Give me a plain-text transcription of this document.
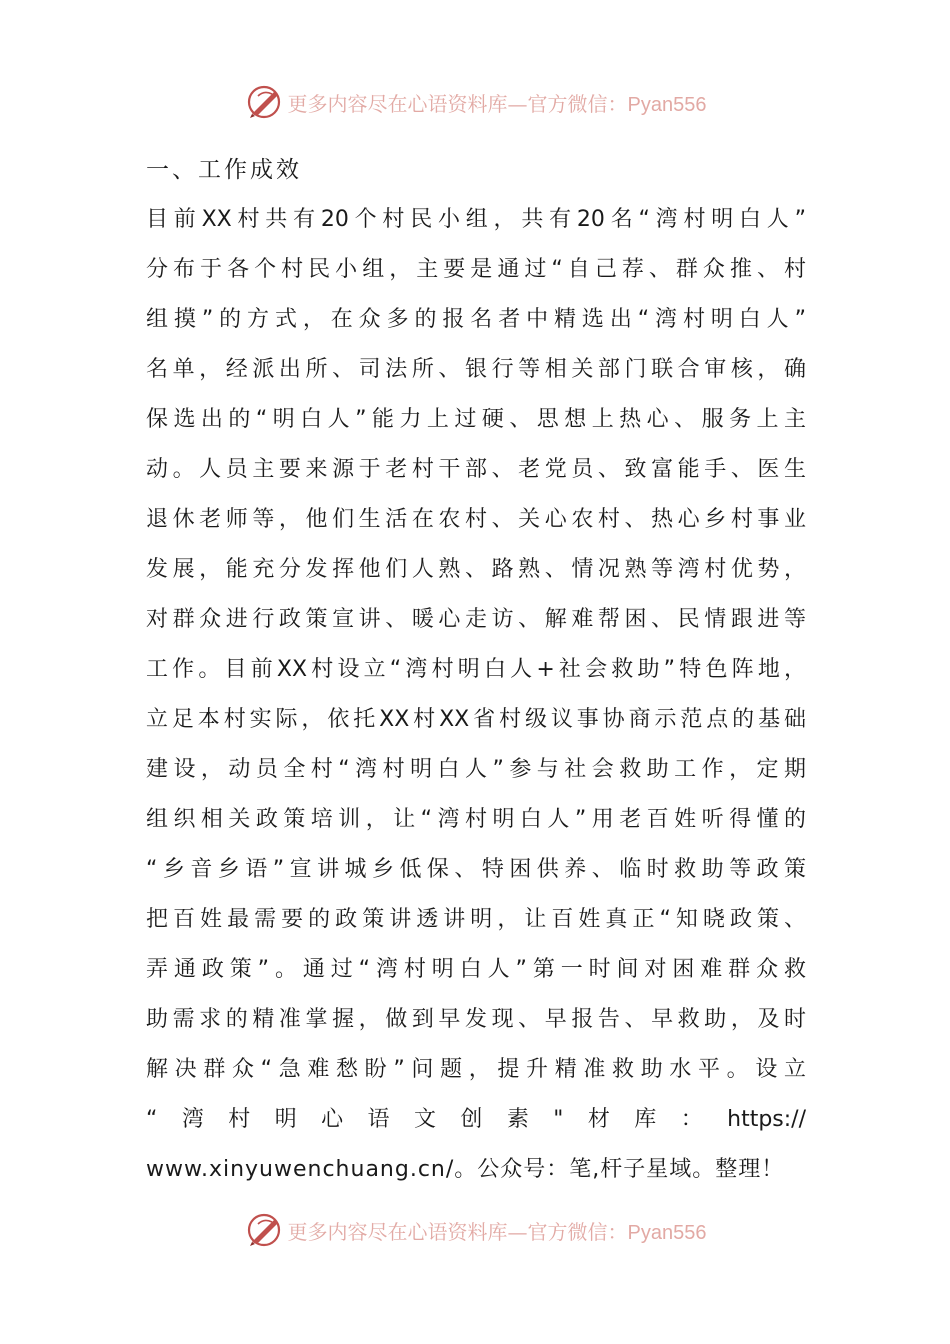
更多内容尽在心语资料库—官方微信：Pyan556
一、工作成效
目前XX村共有20个村民小组，共有20名“湾村明白人”
分布于各个村民小组，主要是通过“自己荐、群众推、村
组摸”的方式，在众多的报名者中精选出“湾村明白人”
名单，经派出所、司法所、银行等相关部门联合审核，确
保选出的“明白人”能力上过硬、思想上热心、服务上主
动。人员主要来源于老村干部、老党员、致富能手、医生
退休老师等，他们生活在农村、关心农村、热心乡村事业
发展，能充分发挥他们人熟、路熟、情况熟等湾村优势，
对群众进行政策宣讲、暖心走访、解难帮困、民情跟进等
工作。目前XX村设立“湾村明白人+社会救助”特色阵地，
立足本村实际，依托XX村XX省村级议事协商示范点的基础
建设，动员全村“湾村明白人”参与社会救助工作，定期
组织相关政策培训，让“湾村明白人”用老百姓听得懂的
“乡音乡语”宣讲城乡低保、特困供养、临时救助等政策
把百姓最需要的政策讲透讲明，让百姓真正“知晓政策、
弄通政策”。通过“湾村明白人”第一时间对困难群众救
助需求的精准掌握，做到早发现、早报告、早救助，及时
解决群众“急难愁盼”问题，提升精准救助水平。设立
“湾村明心语文创素"材库：https://
www.xinyuwenchuang.cn/。公众号：笔,杆子星域。整理！
更多内容尽在心语资料库—官方微信：Pyan556
